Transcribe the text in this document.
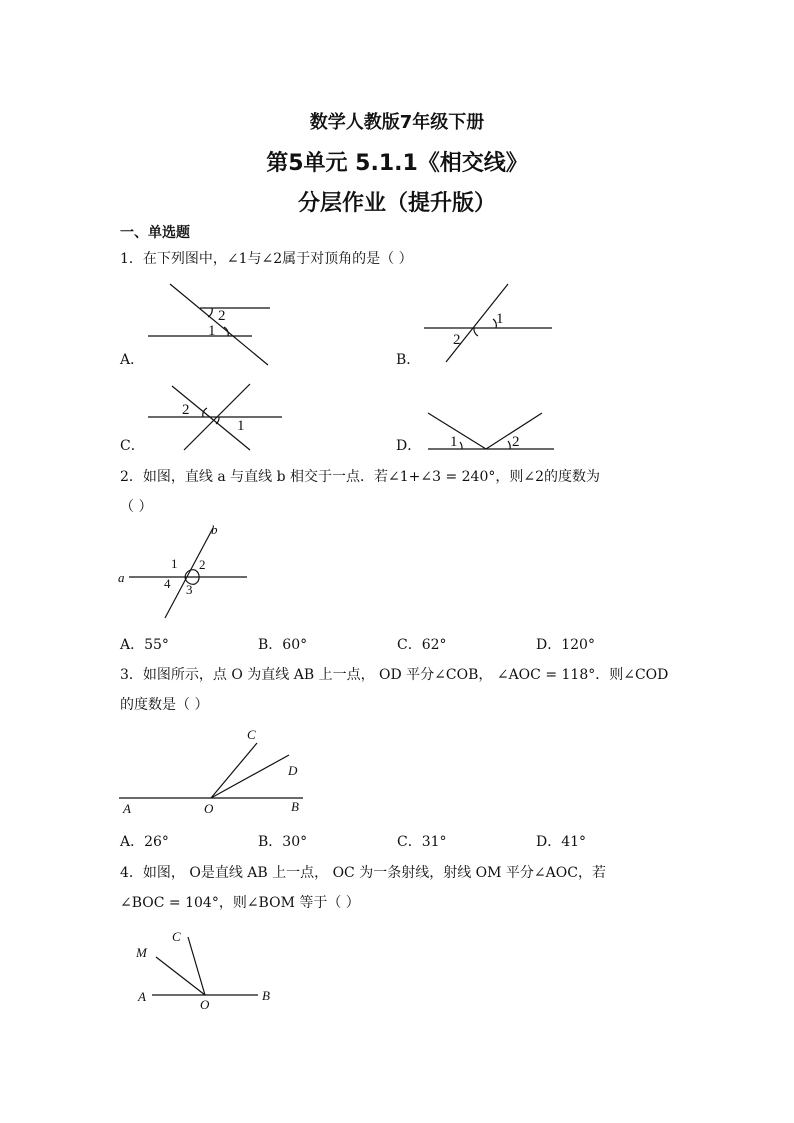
数学人教版7年级下册
第5单元 5.1.1《相交线》
分层作业（提升版）
一、单选题
1．在下列图中，∠1与∠2属于对顶角的是（ ）
A．
2
1
B．
1
2
C．
2
1
D． 1	2
2．如图，直线 a 与直线 b 相交于一点．若∠1+∠3 = 240°，则∠2的度数为
（ ）
a
b
1 2
3
4
A．55°	B．60°	C．62°	D．120°
3．如图所示，点 O 为直线 AB 上一点， OD 平分∠COB， ∠AOC = 118°．则∠COD
的度数是（ ）
C
D
A	O	B
A．26°	B．30°	C．31°	D．41°
4．如图， O是直线 AB 上一点， OC 为一条射线，射线 OM 平分∠AOC，若
∠BOC = 104°，则∠BOM 等于（ ）
C
M
A
O
B
